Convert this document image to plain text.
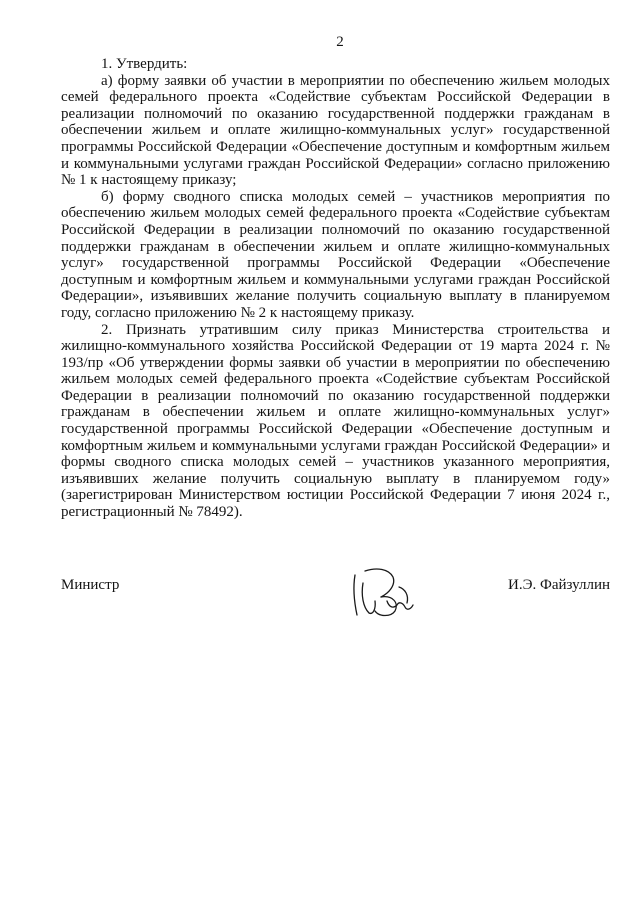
2

1. Утвердить:

а) форму заявки об участии в мероприятии по обеспечению жильем молодых семей федерального проекта «Содействие субъектам Российской Федерации в реализации полномочий по оказанию государственной поддержки гражданам в обеспечении жильем и оплате жилищно-коммунальных услуг» государственной программы Российской Федерации «Обеспечение доступным и комфортным жильем и коммунальными услугами граждан Российской Федерации» согласно приложению № 1 к настоящему приказу;

б) форму сводного списка молодых семей – участников мероприятия по обеспечению жильем молодых семей федерального проекта «Содействие субъектам Российской Федерации в реализации полномочий по оказанию государственной поддержки гражданам в обеспечении жильем и оплате жилищно-коммунальных услуг» государственной программы Российской Федерации «Обеспечение доступным и комфортным жильем и коммунальными услугами граждан Российской Федерации», изъявивших желание получить социальную выплату в планируемом году, согласно приложению № 2 к настоящему приказу.

2. Признать утратившим силу приказ Министерства строительства и жилищно-коммунального хозяйства Российской Федерации от 19 марта 2024 г. № 193/пр «Об утверждении формы заявки об участии в мероприятии по обеспечению жильем молодых семей федерального проекта «Содействие субъектам Российской Федерации в реализации полномочий по оказанию государственной поддержки гражданам в обеспечении жильем и оплате жилищно-коммунальных услуг» государственной программы Российской Федерации «Обеспечение доступным и комфортным жильем и коммунальными услугами граждан Российской Федерации» и формы сводного списка молодых семей – участников указанного мероприятия, изъявивших желание получить социальную выплату в планируемом году» (зарегистрирован Министерством юстиции Российской Федерации 7 июня 2024 г., регистрационный № 78492).

Министр	И.Э. Файзуллин
